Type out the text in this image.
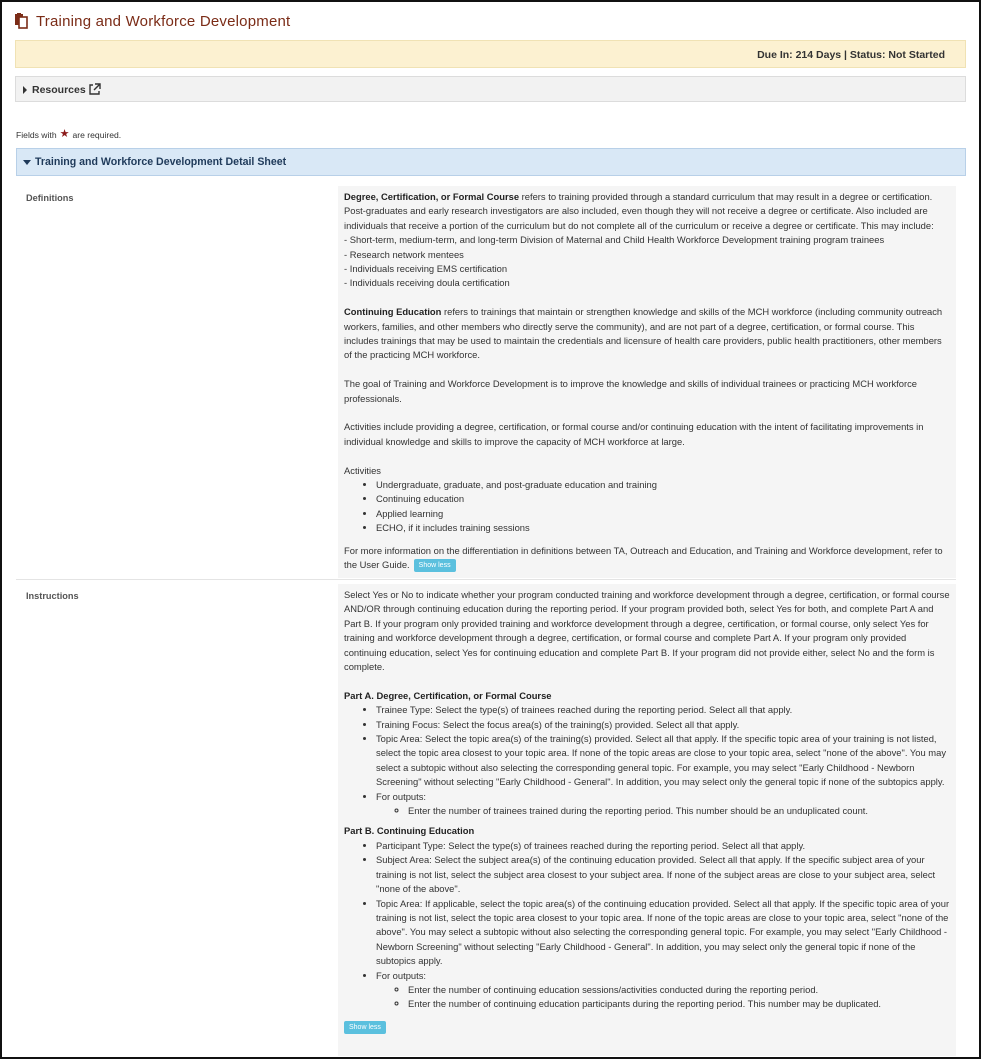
Training and Workforce Development
Due In: 214 Days | Status: Not Started
Resources
Fields with ★ are required.
Training and Workforce Development Detail Sheet
Definitions	Degree, Certification, or Formal Course refers to training provided through a standard curriculum that may result in a degree or certification. Post-graduates and early research investigators are also included, even though they will not receive a degree or certificate. Also included are individuals that receive a portion of the curriculum but do not complete all of the curriculum or receive a degree or certificate. This may include:

- Short-term, medium-term, and long-term Division of Maternal and Child Health Workforce Development training program trainees

- Research network mentees

- Individuals receiving EMS certification

- Individuals receiving doula certification

Continuing Education refers to trainings that maintain or strengthen knowledge and skills of the MCH workforce (including community outreach workers, families, and other members who directly serve the community), and are not part of a degree, certification, or formal course. This includes trainings that may be used to maintain the credentials and licensure of health care providers, public health practitioners, other members of the practicing MCH workforce.

The goal of Training and Workforce Development is to improve the knowledge and skills of individual trainees or practicing MCH workforce professionals.

Activities include providing a degree, certification, or formal course and/or continuing education with the intent of facilitating improvements in individual knowledge and skills to improve the capacity of MCH workforce at large.

Activities

• Undergraduate, graduate, and post-graduate education and training
• Continuing education
• Applied learning
• ECHO, if it includes training sessions

For more information on the differentiation in definitions between TA, Outreach and Education, and Training and Workforce development, refer to the User Guide. Show less

Instructions	Select Yes or No to indicate whether your program conducted training and workforce development through a degree, certification, or formal course AND/OR through continuing education during the reporting period. If your program provided both, select Yes for both, and complete Part A and Part B. If your program only provided training and workforce development through a degree, certification, or formal course, only select Yes for training and workforce development through a degree, certification, or formal course and complete Part A. If your program only provided continuing education, select Yes for continuing education and complete Part B. If your program did not provide either, select No and the form is complete.

Part A. Degree, Certification, or Formal Course

• Trainee Type: Select the type(s) of trainees reached during the reporting period. Select all that apply.
• Training Focus: Select the focus area(s) of the training(s) provided. Select all that apply.
• Topic Area: Select the topic area(s) of the training(s) provided. Select all that apply. If the specific topic area of your training is not listed, select the topic area closest to your topic area. If none of the topic areas are close to your topic area, select "none of the above". You may select a subtopic without also selecting the corresponding general topic. For example, you may select "Early Childhood - Newborn Screening" without selecting "Early Childhood - General". In addition, you may select only the general topic if none of the subtopics apply.
• For outputs:
◦ Enter the number of trainees trained during the reporting period. This number should be an unduplicated count.

Part B. Continuing Education

• Participant Type: Select the type(s) of trainees reached during the reporting period. Select all that apply.
• Subject Area: Select the subject area(s) of the continuing education provided. Select all that apply. If the specific subject area of your training is not list, select the subject area closest to your subject area. If none of the subject areas are close to your subject area, select "none of the above".
• Topic Area: If applicable, select the topic area(s) of the continuing education provided. Select all that apply. If the specific topic area of your training is not list, select the topic area closest to your topic area. If none of the topic areas are close to your topic area, select "none of the above". You may select a subtopic without also selecting the corresponding general topic. For example, you may select "Early Childhood - Newborn Screening" without selecting "Early Childhood - General". In addition, you may select only the general topic if none of the subtopics apply.
• For outputs:
◦ Enter the number of continuing education sessions/activities conducted during the reporting period.
◦ Enter the number of continuing education participants during the reporting period. This number may be duplicated.

Show less
